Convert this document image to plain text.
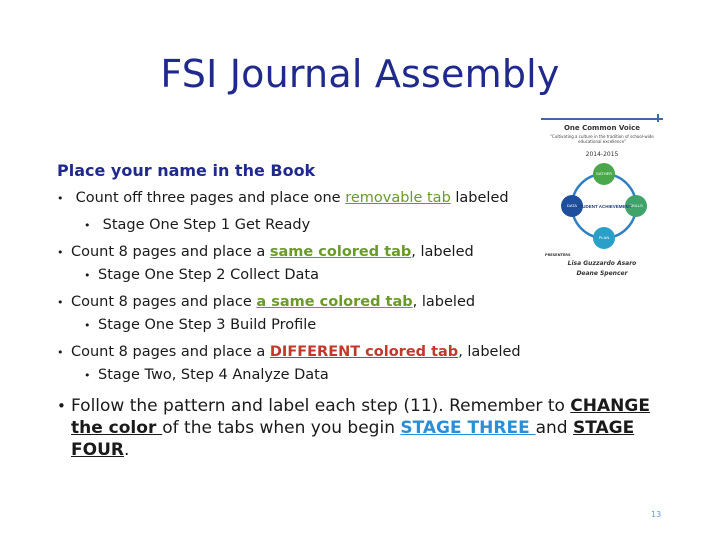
FSI Journal Assembly
One Common Voice
"Cultivating a culture in the tradition of school-wide educational excellence"
2014-2015
GATHER
SKILLS
PLAN
DATA STUDENT ACHIEVEMENT
PRESENTERS
Lisa Guzzardo Asaro
Deane Spencer
Place your name in the Book
• Count off three pages and place one removable tab labeled
• Stage One Step 1 Get Ready
• Count 8 pages and place a same colored tab, labeled
• Stage One Step 2 Collect Data
• Count 8 pages and place a same colored tab, labeled
• Stage One Step 3 Build Profile
• Count 8 pages and place a DIFFERENT colored tab, labeled
• Stage Two, Step 4 Analyze Data
• Follow the pattern and label each step (11). Remember to CHANGE the color of the tabs when you begin STAGE THREE and STAGE FOUR.
13
